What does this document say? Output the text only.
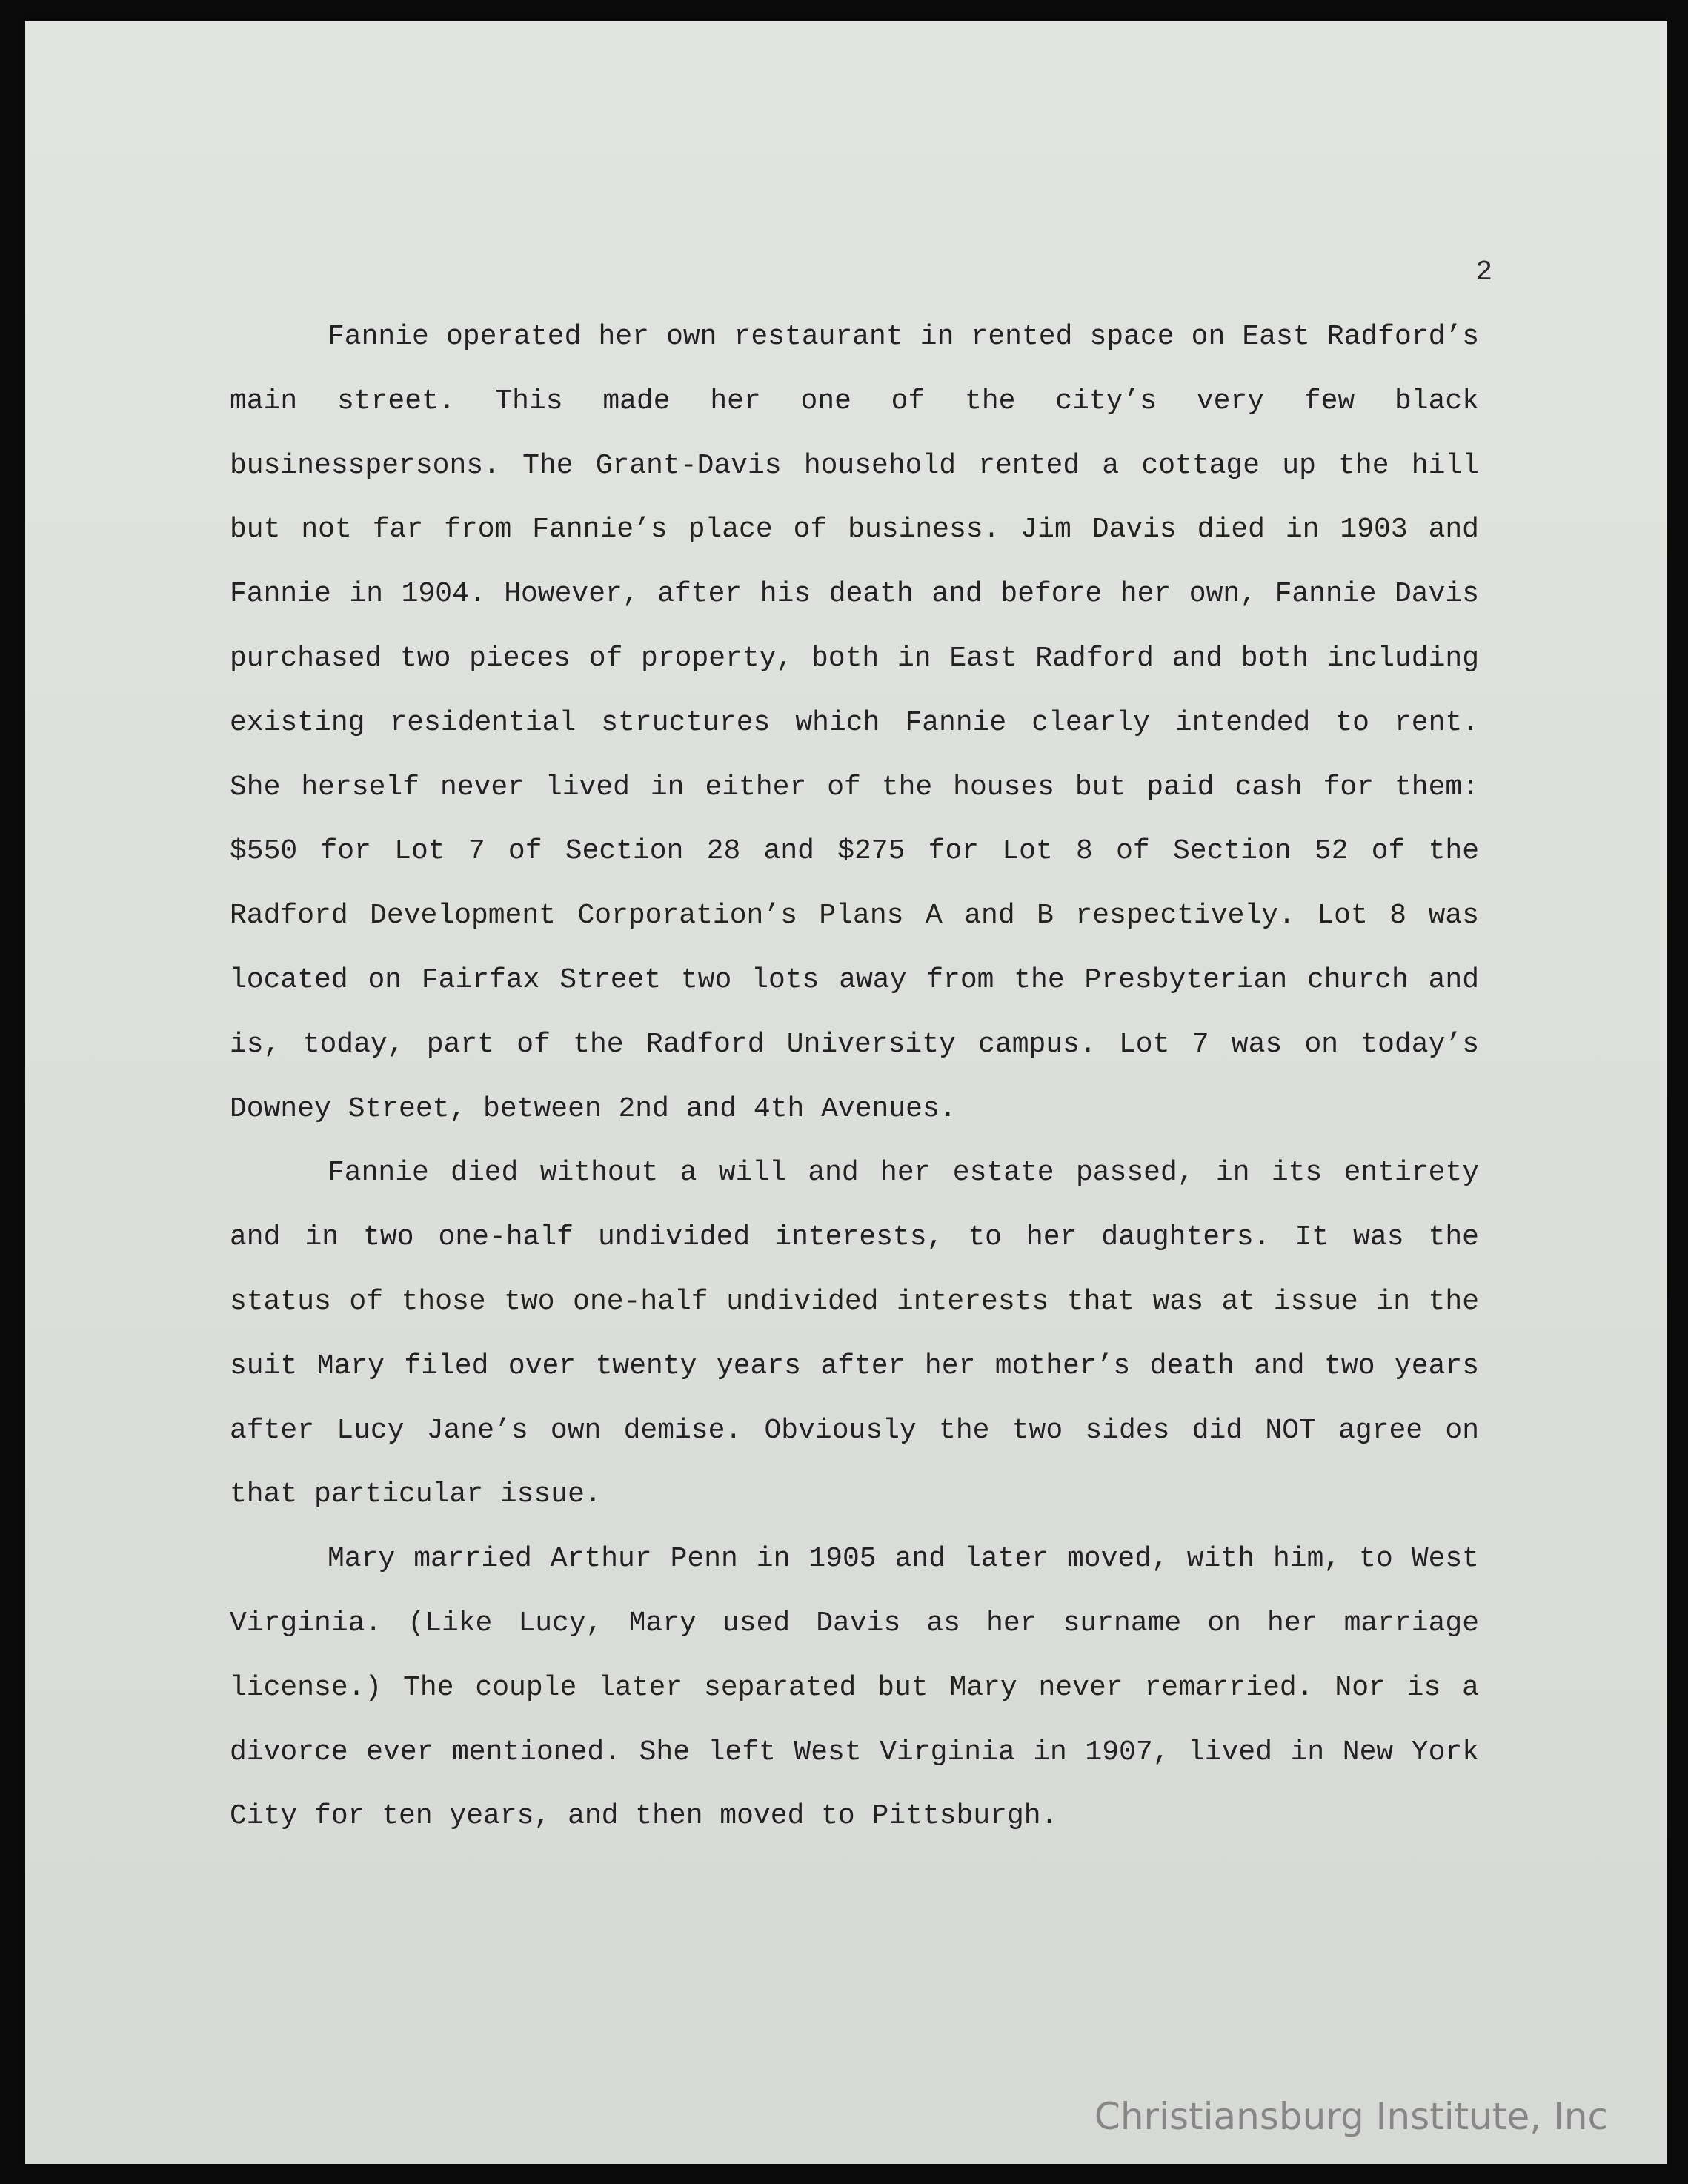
2

Fannie operated her own restaurant in rented space on East Radford’s main street. This made her one of the city’s very few black businesspersons. The Grant-Davis household rented a cottage up the hill but not far from Fannie’s place of business. Jim Davis died in 1903 and Fannie in 1904. However, after his death and before her own, Fannie Davis purchased two pieces of property, both in East Radford and both including existing residential structures which Fannie clearly intended to rent. She herself never lived in either of the houses but paid cash for them: $550 for Lot 7 of Section 28 and $275 for Lot 8 of Section 52 of the Radford Development Corporation’s Plans A and B respectively. Lot 8 was located on Fairfax Street two lots away from the Presbyterian church and is, today, part of the Radford University campus. Lot 7 was on today’s Downey Street, between 2nd and 4th Avenues.

Fannie died without a will and her estate passed, in its entirety and in two one-half undivided interests, to her daughters. It was the status of those two one-half undivided interests that was at issue in the suit Mary filed over twenty years after her mother’s death and two years after Lucy Jane’s own demise. Obviously the two sides did NOT agree on that particular issue.

Mary married Arthur Penn in 1905 and later moved, with him, to West Virginia. (Like Lucy, Mary used Davis as her surname on her marriage license.) The couple later separated but Mary never remarried. Nor is a divorce ever mentioned. She left West Virginia in 1907, lived in New York City for ten years, and then moved to Pittsburgh.

Christiansburg Institute, Inc
